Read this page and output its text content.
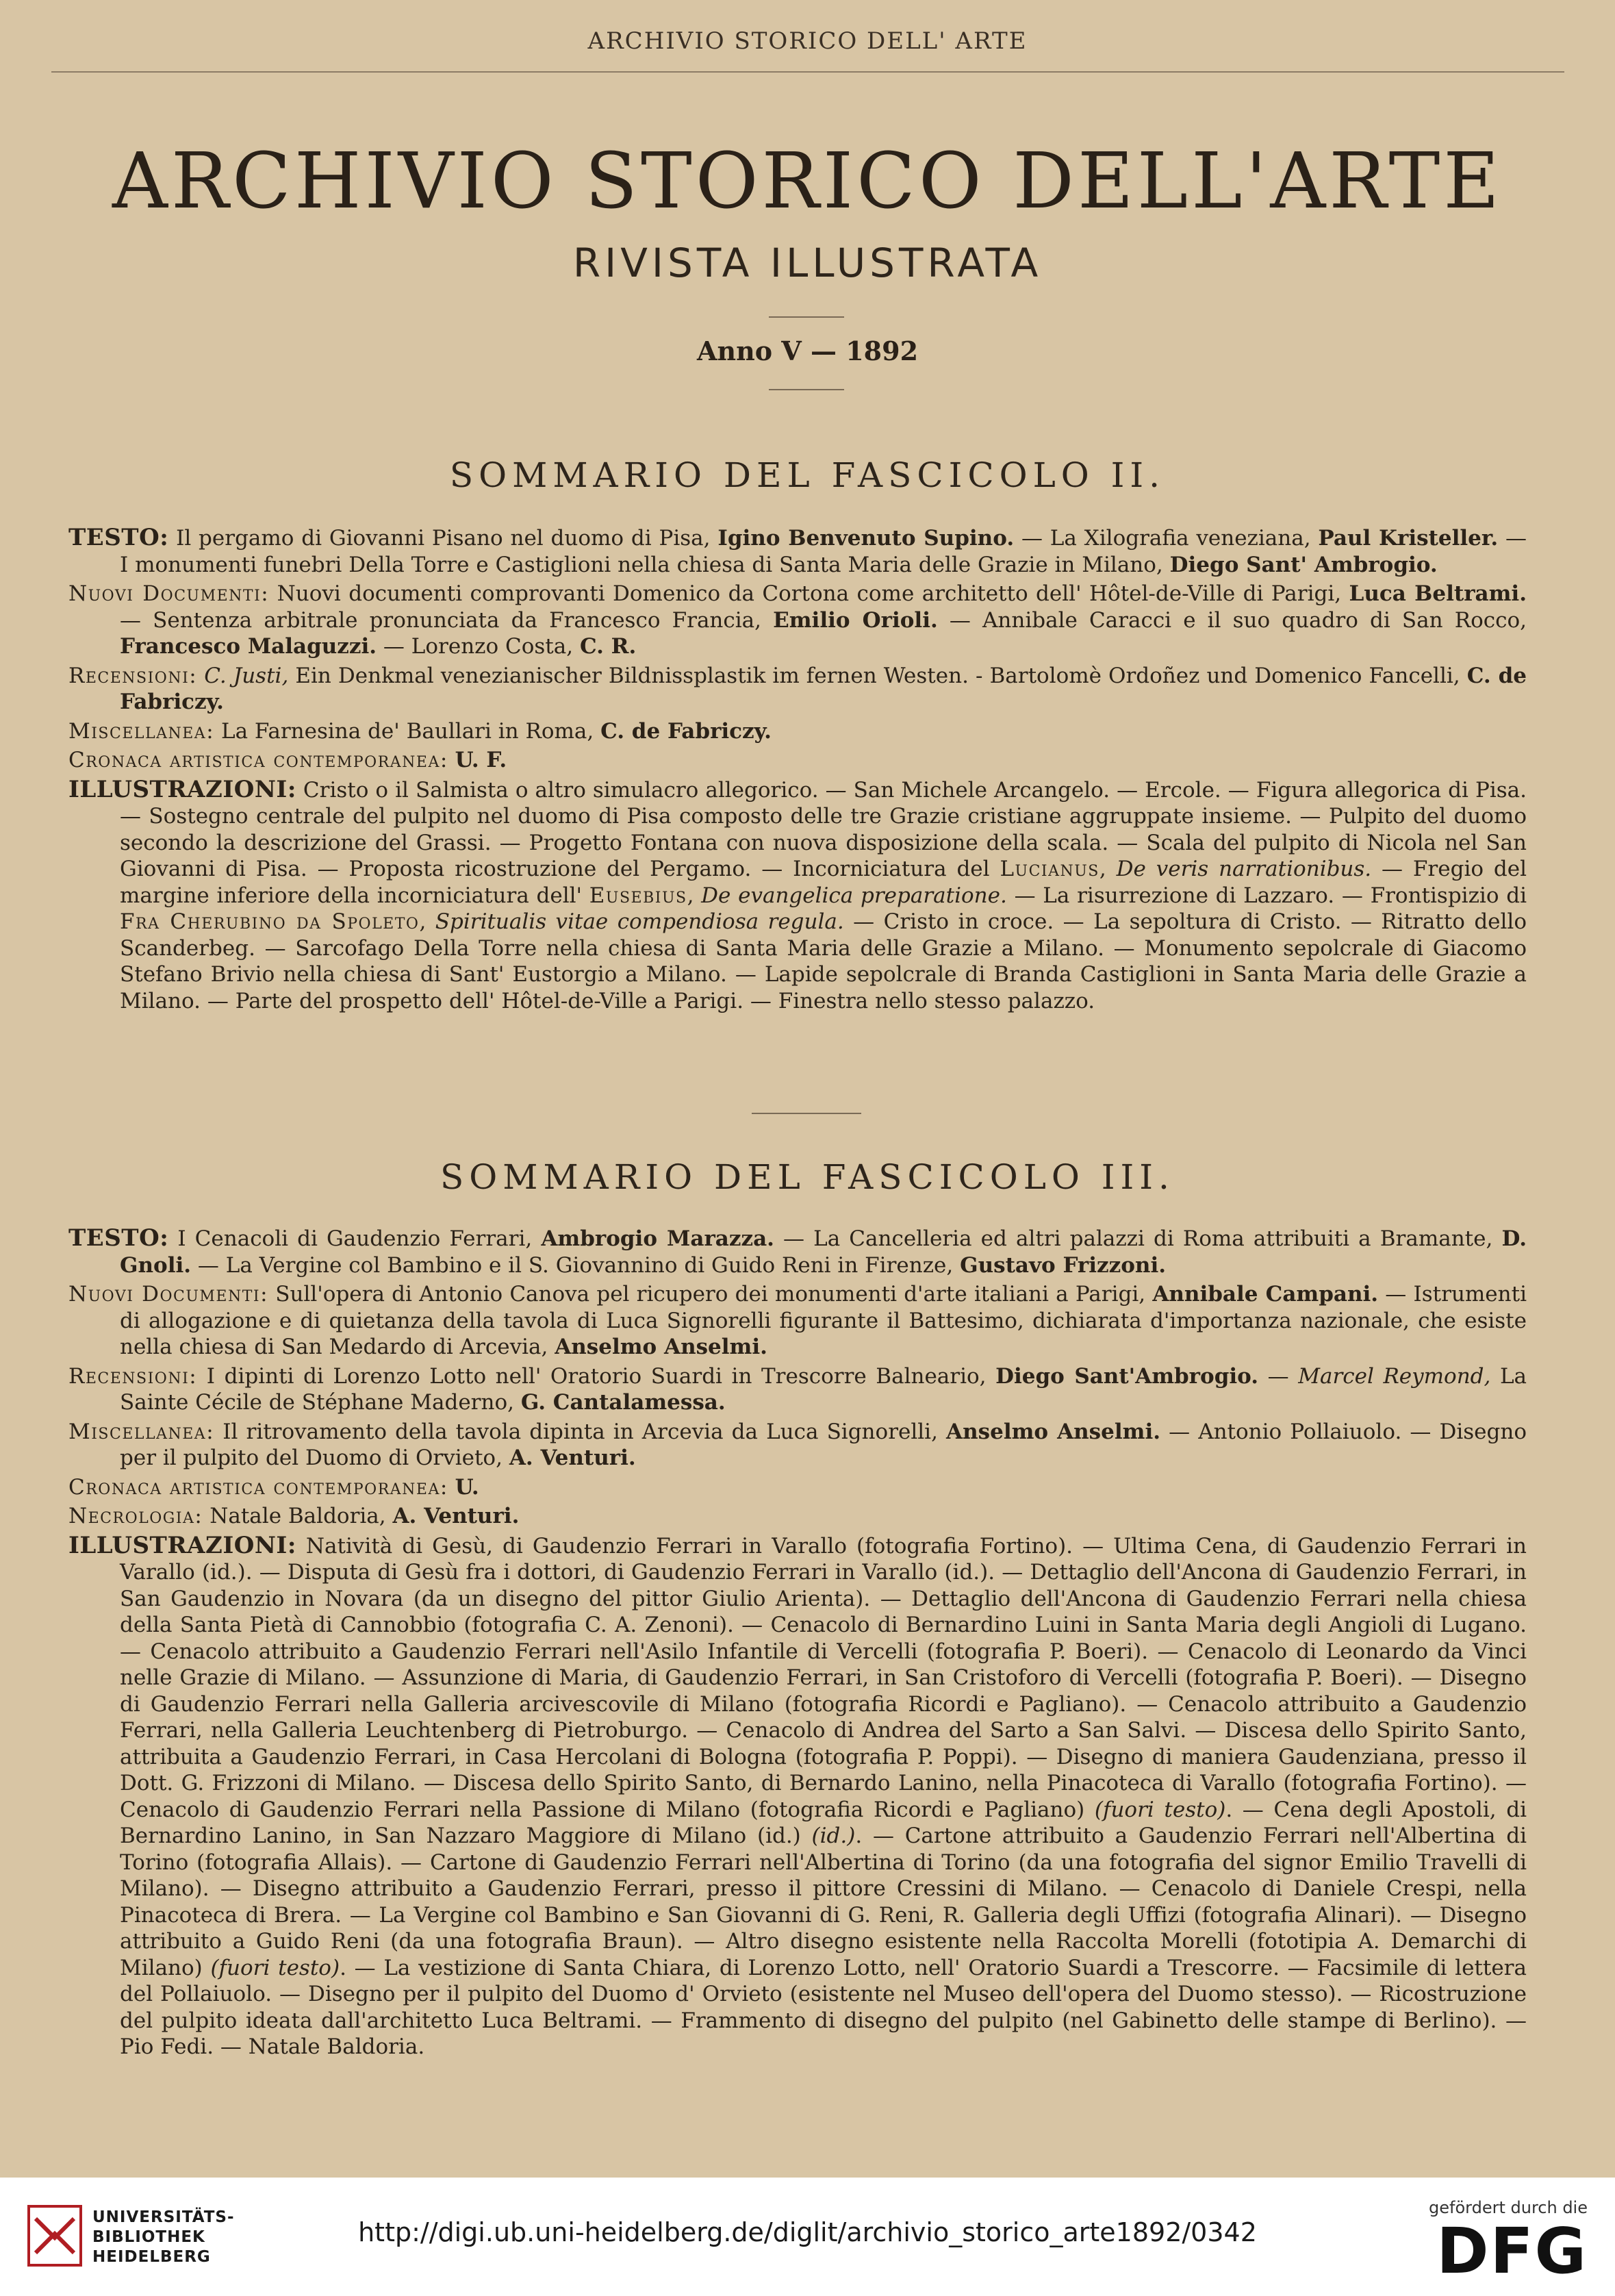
ARCHIVIO STORICO DELL' ARTE
ARCHIVIO STORICO DELL'ARTE
RIVISTA ILLUSTRATA
Anno V — 1892
SOMMARIO DEL FASCICOLO II.

TESTO: Il pergamo di Giovanni Pisano nel duomo di Pisa, Igino Benvenuto Supino. — La Xilografia veneziana, Paul Kristeller. — I monumenti funebri Della Torre e Castiglioni nella chiesa di Santa Maria delle Grazie in Milano, Diego Sant' Ambrogio.

Nuovi Documenti: Nuovi documenti comprovanti Domenico da Cortona come architetto dell' Hôtel-de-Ville di Parigi, Luca Beltrami. — Sentenza arbitrale pronunciata da Francesco Francia, Emilio Orioli. — Annibale Caracci e il suo quadro di San Rocco, Francesco Malaguzzi. — Lorenzo Costa, C. R.

Recensioni: C. Justi, Ein Denkmal venezianischer Bildnissplastik im fernen Westen. - Bartolomè Ordoñez und Domenico Fancelli, C. de Fabriczy.

Miscellanea: La Farnesina de' Baullari in Roma, C. de Fabriczy.

Cronaca artistica contemporanea: U. F.

ILLUSTRAZIONI: Cristo o il Salmista o altro simulacro allegorico. — San Michele Arcangelo. — Ercole. — Figura allegorica di Pisa. — Sostegno centrale del pulpito nel duomo di Pisa composto delle tre Grazie cristiane aggruppate insieme. — Pulpito del duomo secondo la descrizione del Grassi. — Progetto Fontana con nuova disposizione della scala. — Scala del pulpito di Nicola nel San Giovanni di Pisa. — Proposta ricostruzione del Pergamo. — Incorniciatura del Lucianus, De veris narrationibus. — Fregio del margine inferiore della incorniciatura dell' Eusebius, De evangelica preparatione. — La risurrezione di Lazzaro. — Frontispizio di Fra Cherubino da Spoleto, Spiritualis vitae compendiosa regula. — Cristo in croce. — La sepoltura di Cristo. — Ritratto dello Scanderbeg. — Sarcofago Della Torre nella chiesa di Santa Maria delle Grazie a Milano. — Monumento sepolcrale di Giacomo Stefano Brivio nella chiesa di Sant' Eustorgio a Milano. — Lapide sepolcrale di Branda Castiglioni in Santa Maria delle Grazie a Milano. — Parte del prospetto dell' Hôtel-de-Ville a Parigi. — Finestra nello stesso palazzo.

SOMMARIO DEL FASCICOLO III.

TESTO: I Cenacoli di Gaudenzio Ferrari, Ambrogio Marazza. — La Cancelleria ed altri palazzi di Roma attribuiti a Bramante, D. Gnoli. — La Vergine col Bambino e il S. Giovannino di Guido Reni in Firenze, Gustavo Frizzoni.

Nuovi Documenti: Sull'opera di Antonio Canova pel ricupero dei monumenti d'arte italiani a Parigi, Annibale Campani. — Istrumenti di allogazione e di quietanza della tavola di Luca Signorelli figurante il Battesimo, dichiarata d'importanza nazionale, che esiste nella chiesa di San Medardo di Arcevia, Anselmo Anselmi.

Recensioni: I dipinti di Lorenzo Lotto nell' Oratorio Suardi in Trescorre Balneario, Diego Sant'Ambrogio. — Marcel Reymond, La Sainte Cécile de Stéphane Maderno, G. Cantalamessa.

Miscellanea: Il ritrovamento della tavola dipinta in Arcevia da Luca Signorelli, Anselmo Anselmi. — Antonio Pollaiuolo. — Disegno per il pulpito del Duomo di Orvieto, A. Venturi.

Cronaca artistica contemporanea: U.

Necrologia: Natale Baldoria, A. Venturi.

ILLUSTRAZIONI: Natività di Gesù, di Gaudenzio Ferrari in Varallo (fotografia Fortino). — Ultima Cena, di Gaudenzio Ferrari in Varallo (id.). — Disputa di Gesù fra i dottori, di Gaudenzio Ferrari in Varallo (id.). — Dettaglio dell'Ancona di Gaudenzio Ferrari, in San Gaudenzio in Novara (da un disegno del pittor Giulio Arienta). — Dettaglio dell'Ancona di Gaudenzio Ferrari nella chiesa della Santa Pietà di Cannobbio (fotografia C. A. Zenoni). — Cenacolo di Bernardino Luini in Santa Maria degli Angioli di Lugano. — Cenacolo attribuito a Gaudenzio Ferrari nell'Asilo Infantile di Vercelli (fotografia P. Boeri). — Cenacolo di Leonardo da Vinci nelle Grazie di Milano. — Assunzione di Maria, di Gaudenzio Ferrari, in San Cristoforo di Vercelli (fotografia P. Boeri). — Disegno di Gaudenzio Ferrari nella Galleria arcivescovile di Milano (fotografia Ricordi e Pagliano). — Cenacolo attribuito a Gaudenzio Ferrari, nella Galleria Leuchtenberg di Pietroburgo. — Cenacolo di Andrea del Sarto a San Salvi. — Discesa dello Spirito Santo, attribuita a Gaudenzio Ferrari, in Casa Hercolani di Bologna (fotografia P. Poppi). — Disegno di maniera Gaudenziana, presso il Dott. G. Frizzoni di Milano. — Discesa dello Spirito Santo, di Bernardo Lanino, nella Pinacoteca di Varallo (fotografia Fortino). — Cenacolo di Gaudenzio Ferrari nella Passione di Milano (fotografia Ricordi e Pagliano) (fuori testo). — Cena degli Apostoli, di Bernardino Lanino, in San Nazzaro Maggiore di Milano (id.) (id.). — Cartone attribuito a Gaudenzio Ferrari nell'Albertina di Torino (fotografia Allais). — Cartone di Gaudenzio Ferrari nell'Albertina di Torino (da una fotografia del signor Emilio Travelli di Milano). — Disegno attribuito a Gaudenzio Ferrari, presso il pittore Cressini di Milano. — Cenacolo di Daniele Crespi, nella Pinacoteca di Brera. — La Vergine col Bambino e San Giovanni di G. Reni, R. Galleria degli Uffizi (fotografia Alinari). — Disegno attribuito a Guido Reni (da una fotografia Braun). — Altro disegno esistente nella Raccolta Morelli (fototipia A. Demarchi di Milano) (fuori testo). — La vestizione di Santa Chiara, di Lorenzo Lotto, nell' Oratorio Suardi a Trescorre. — Facsimile di lettera del Pollaiuolo. — Disegno per il pulpito del Duomo d' Orvieto (esistente nel Museo dell'opera del Duomo stesso). — Ricostruzione del pulpito ideata dall'architetto Luca Beltrami. — Frammento di disegno del pulpito (nel Gabinetto delle stampe di Berlino). — Pio Fedi. — Natale Baldoria.

UNIVERSITÄTS-
BIBLIOTHEK
HEIDELBERG
http://digi.ub.uni-heidelberg.de/diglit/archivio_storico_arte1892/0342
gefördert durch die
DFG
